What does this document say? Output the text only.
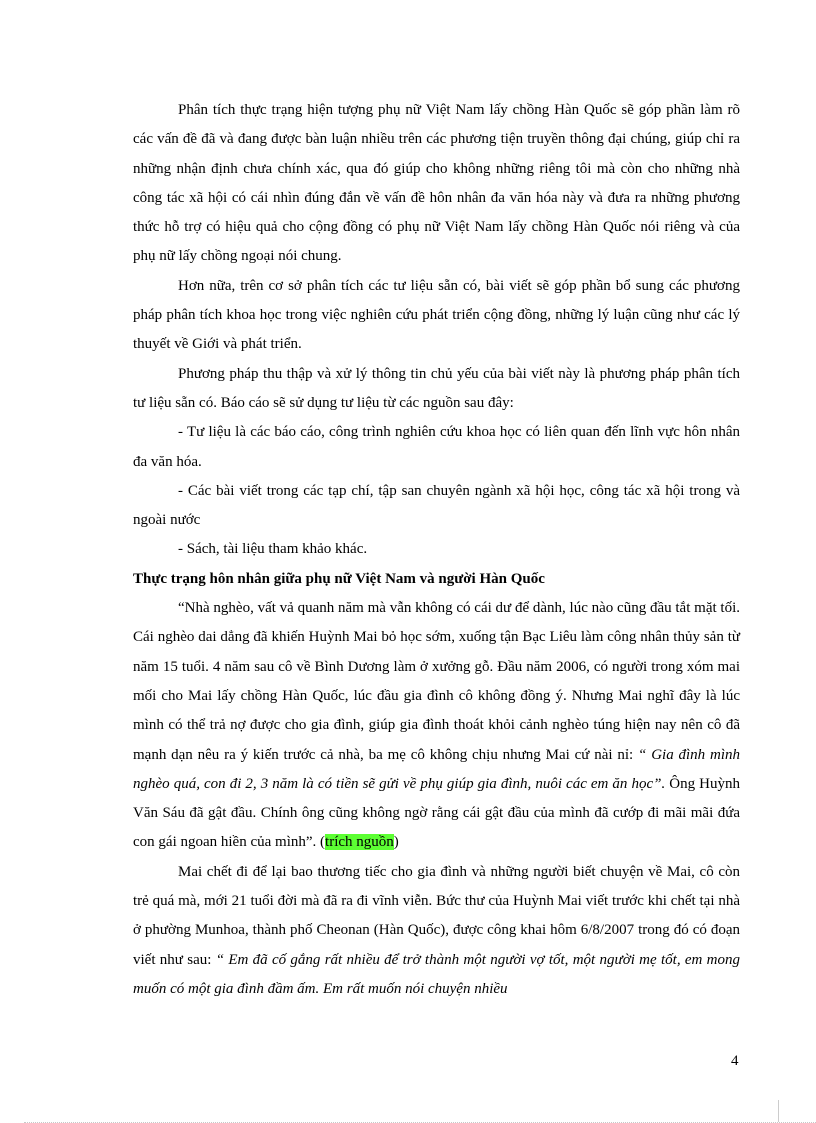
Phân tích thực trạng hiện tượng phụ nữ Việt Nam lấy chồng Hàn Quốc sẽ góp phần làm rõ các vấn đề đã và đang được bàn luận nhiều trên các phương tiện truyền thông đại chúng, giúp chỉ ra những nhận định chưa chính xác, qua đó giúp cho không những riêng tôi mà còn cho những nhà công tác xã hội có cái nhìn đúng đắn về vấn đề hôn nhân đa văn hóa này và đưa ra những phương thức hỗ trợ có hiệu quả cho cộng đồng có phụ nữ Việt Nam lấy chồng Hàn Quốc nói riêng và của phụ nữ lấy chồng ngoại nói chung.

Hơn nữa, trên cơ sở phân tích các tư liệu sẵn có, bài viết sẽ góp phần bổ sung các phương pháp phân tích khoa học trong việc nghiên cứu phát triển cộng đồng, những lý luận cũng như các lý thuyết về Giới và phát triển.

Phương pháp thu thập và xử lý thông tin chủ yếu của bài viết này là phương pháp phân tích tư liệu sẵn có. Báo cáo sẽ sử dụng tư liệu từ các nguồn sau đây:

- Tư liệu là các báo cáo, công trình nghiên cứu khoa học có liên quan đến lĩnh vực hôn nhân đa văn hóa.

- Các bài viết trong các tạp chí, tập san chuyên ngành xã hội học, công tác xã hội trong và ngoài nước

- Sách, tài liệu tham khảo khác.

Thực trạng hôn nhân giữa phụ nữ Việt Nam và người Hàn Quốc

“Nhà nghèo, vất vả quanh năm mà vẫn không có cái dư để dành, lúc nào cũng đầu tắt mặt tối. Cái nghèo dai dẳng đã khiến Huỳnh Mai bỏ học sớm, xuống tận Bạc Liêu làm công nhân thủy sản từ năm 15 tuổi. 4 năm sau cô về Bình Dương làm ở xưởng gỗ. Đầu năm 2006, có người trong xóm mai mối cho Mai lấy chồng Hàn Quốc, lúc đầu gia đình cô không đồng ý. Nhưng Mai nghĩ đây là lúc mình có thể trả nợ được cho gia đình, giúp gia đình thoát khỏi cảnh nghèo túng hiện nay nên cô đã mạnh dạn nêu ra ý kiến trước cả nhà, ba mẹ cô không chịu nhưng Mai cứ nài nỉ: “ Gia đình mình nghèo quá, con đi 2, 3 năm là có tiền sẽ gửi về phụ giúp gia đình, nuôi các em ăn học”. Ông Huỳnh Văn Sáu đã gật đầu. Chính ông cũng không ngờ rằng cái gật đầu của mình đã cướp đi mãi mãi đứa con gái ngoan hiền của mình”. (trích nguồn)

Mai chết đi để lại bao thương tiếc cho gia đình và những người biết chuyện về Mai, cô còn trẻ quá mà, mới 21 tuổi đời mà đã ra đi vĩnh viễn. Bức thư của Huỳnh Mai viết trước khi chết tại nhà ở phường Munhoa, thành phố Cheonan (Hàn Quốc), được công khai hôm 6/8/2007 trong đó có đoạn viết như sau: “ Em đã cố gắng rất nhiều để trở thành một người vợ tốt, một người mẹ tốt, em mong muốn có một gia đình đầm ấm. Em rất muốn nói chuyện nhiều

4
